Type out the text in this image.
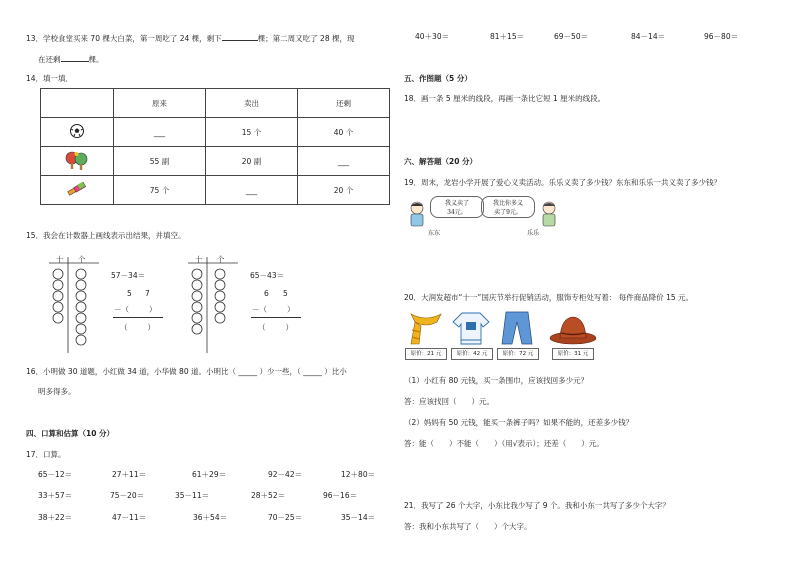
13．学校食堂买来 70 棵大白菜，第一周吃了 24 棵，剩下	棵；第二周又吃了 28 棵，现
在还剩	棵。
14．填一填．
	原来	卖出	还剩
	___	15 个	40 个
	55 副	20 副	___
	75 个	___	20 个
15．我会在计数器上画线表示出结果，并填空。
十 个
57－34＝
5 7
－（	）
（	）
十 个
65－43＝
6 5
－（	）
（	）
16．小明做 30 道题，小红做 34 道，小华做 80 道。小明比（ _____ ）少一些，（ _____ ）比小
明多得多。
四、口算和估算（10 分）
17．口算。
65－12＝	27＋11＝	61＋29＝	92－42＝	12＋80＝
33＋57＝	75－20＝	35－11＝	28＋52＝	96－16＝
38＋22＝	47－11＝	36＋54＝	70－25＝	35－14＝
40＋30＝	81＋15＝	69－50＝	84－14＝	96－80＝
五、作图题（5 分）
18．画一条 5 厘米的线段，再画一条比它短 1 厘米的线段。
六、解答题（20 分）
19．周末，龙岩小学开展了爱心义卖活动。乐乐义卖了多少钱？东东和乐乐一共义卖了多少钱？
我义卖了
34元。
我比你多义
卖了9元。
东东	乐乐
20．大润发超市“十一”国庆节举行促销活动，服饰专柜处写着： 每件商品降价 15 元。
原价：21 元	原价：42 元	原价：72 元	原价：31 元
（1）小红有 80 元钱，买一条围巾，应该找回多少元？
答：应该找回（　　）元。
（2）妈妈有 50 元钱，能买一条裤子吗？如果不能的，还差多少钱？
答：能（　　）不能（　　）（用√表示）；还差（　　）元。
21．我写了 26 个大字，小东比我少写了 9 个。我和小东一共写了多少个大字？
答：我和小东共写了（　　）个大字。
